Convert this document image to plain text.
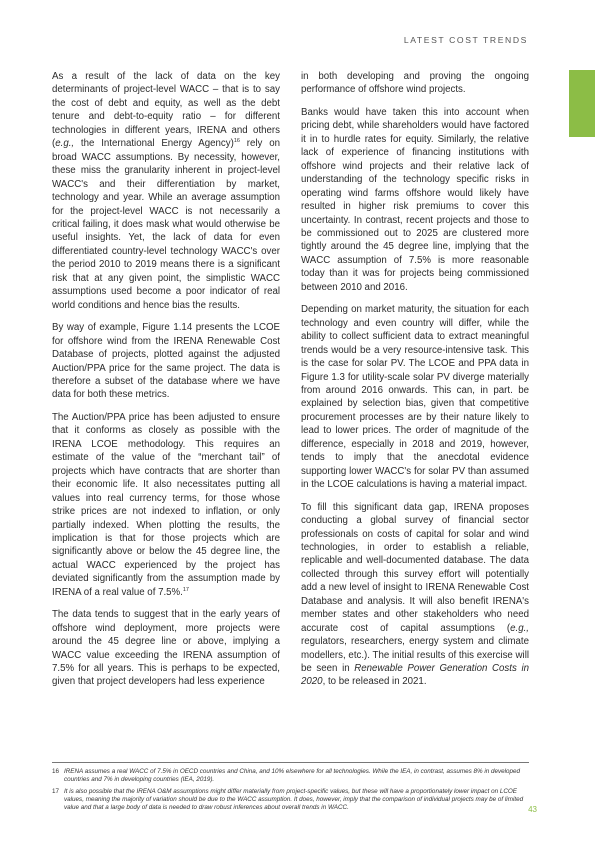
LATEST COST TRENDS

As a result of the lack of data on the key determinants of project-level WACC – that is to say the cost of debt and equity, as well as the debt tenure and debt-to-equity ratio – for different technologies in different years, IRENA and others (e.g., the International Energy Agency)$^{16}$ rely on broad WACC assumptions. By necessity, however, these miss the granularity inherent in project-level WACC's and their differentiation by market, technology and year. While an average assumption for the project-level WACC is not necessarily a critical failing, it does mask what would otherwise be useful insights. Yet, the lack of data for even differentiated country-level technology WACC's over the period 2010 to 2019 means there is a significant risk that at any given point, the simplistic WACC assumptions used become a poor indicator of real world conditions and hence bias the results.

By way of example, Figure 1.14 presents the LCOE for offshore wind from the IRENA Renewable Cost Database of projects, plotted against the adjusted Auction/PPA price for the same project. The data is therefore a subset of the database where we have data for both these metrics.

The Auction/PPA price has been adjusted to ensure that it conforms as closely as possible with the IRENA LCOE methodology. This requires an estimate of the value of the “merchant tail” of projects which have contracts that are shorter than their economic life. It also necessitates putting all values into real currency terms, for those whose strike prices are not indexed to inflation, or only partially indexed. When plotting the results, the implication is that for those projects which are significantly above or below the 45 degree line, the actual WACC experienced by the project has deviated significantly from the assumption made by IRENA of a real value of 7.5%.$^{17}$

The data tends to suggest that in the early years of offshore wind deployment, more projects were around the 45 degree line or above, implying a WACC value exceeding the IRENA assumption of 7.5% for all years. This is perhaps to be expected, given that project developers had less experience

in both developing and proving the ongoing performance of offshore wind projects.

Banks would have taken this into account when pricing debt, while shareholders would have factored it in to hurdle rates for equity. Similarly, the relative lack of experience of financing institutions with offshore wind projects and their relative lack of understanding of the technology specific risks in operating wind farms offshore would likely have resulted in higher risk premiums to cover this uncertainty. In contrast, recent projects and those to be commissioned out to 2025 are clustered more tightly around the 45 degree line, implying that the WACC assumption of 7.5% is more reasonable today than it was for projects being commissioned between 2010 and 2016.

Depending on market maturity, the situation for each technology and even country will differ, while the ability to collect sufficient data to extract meaningful trends would be a very resource-intensive task. This is the case for solar PV. The LCOE and PPA data in Figure 1.3 for utility-scale solar PV diverge materially from around 2016 onwards. This can, in part. be explained by selection bias, given that competitive procurement processes are by their nature likely to lead to lower prices. The order of magnitude of the difference, especially in 2018 and 2019, however, tends to imply that the anecdotal evidence supporting lower WACC's for solar PV than assumed in the LCOE calculations is having a material impact.

To fill this significant data gap, IRENA proposes conducting a global survey of financial sector professionals on costs of capital for solar and wind technologies, in order to establish a reliable, replicable and well-documented database. The data collected through this survey effort will potentially add a new level of insight to IRENA Renewable Cost Database and analysis. It will also benefit IRENA's member states and other stakeholders who need accurate cost of capital assumptions (e.g., regulators, researchers, energy system and climate modellers, etc.). The initial results of this exercise will be seen in Renewable Power Generation Costs in 2020, to be released in 2021.

16 IRENA assumes a real WACC of 7.5% in OECD countries and China, and 10% elsewhere for all technologies. While the IEA, in contrast, assumes 8% in developed countries and 7% in developing countries (IEA, 2019).
17 It is also possible that the IRENA O&M assumptions might differ materially from project-specific values, but these will have a proportionately lower impact on LCOE values, meaning the majority of variation should be due to the WACC assumption. It does, however, imply that the comparison of individual projects may be of limited value and that a large body of data is needed to draw robust inferences about overall trends in WACC.	43
